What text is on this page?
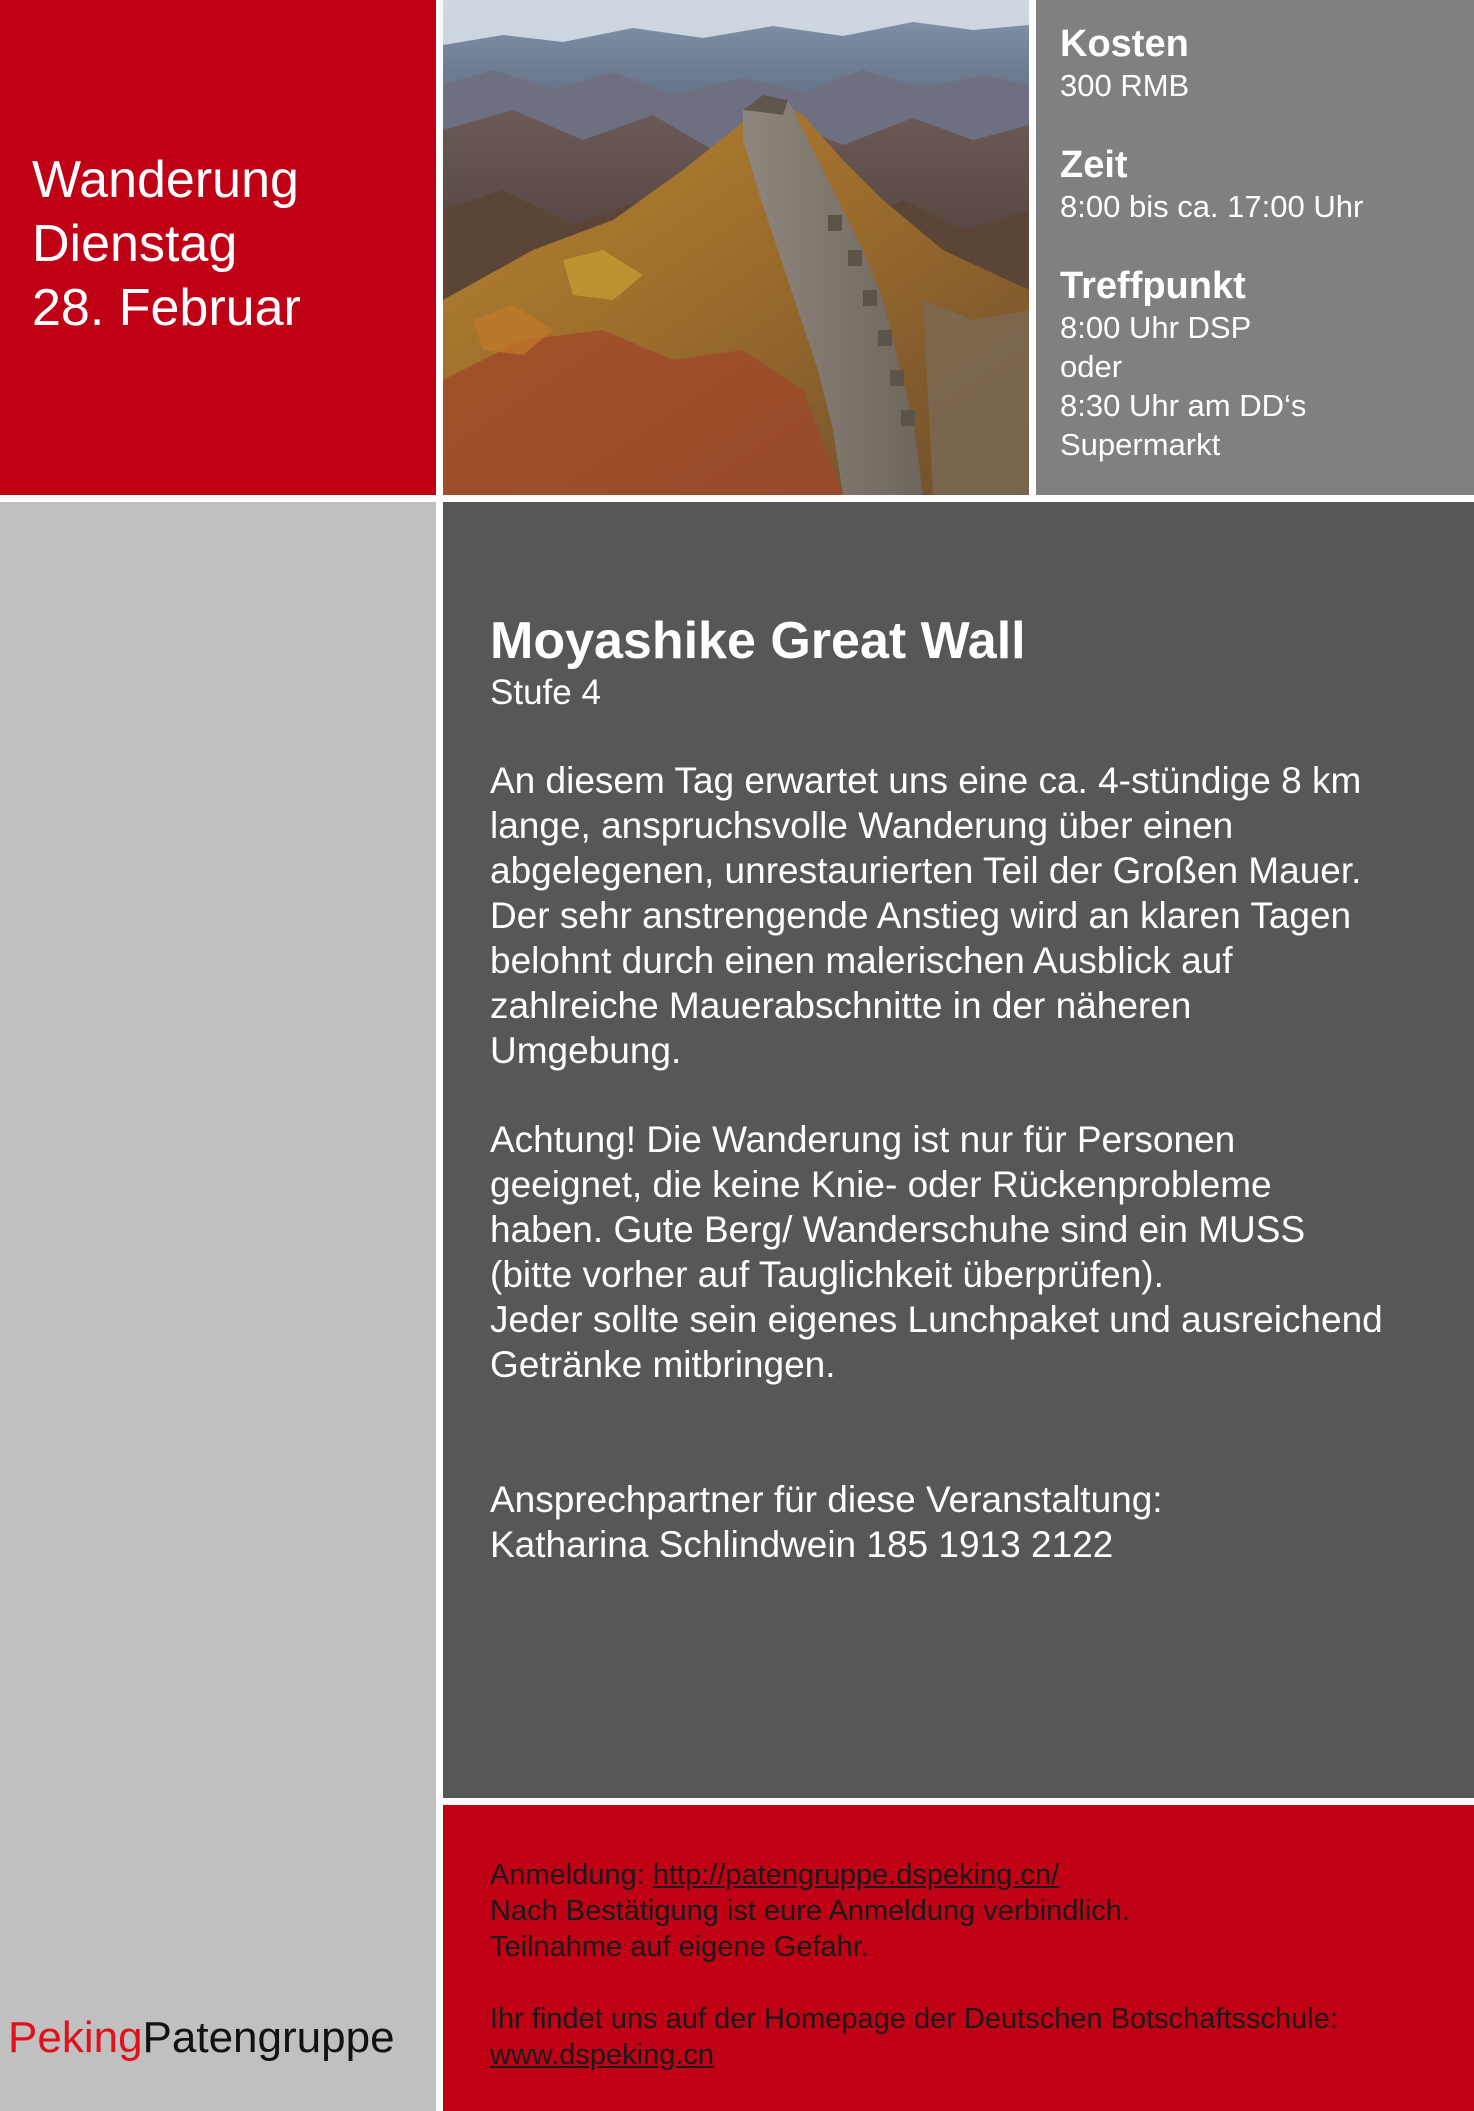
Wanderung
Dienstag
28. Februar
Kosten
300 RMB
Zeit
8:00 bis ca. 17:00 Uhr
Treffpunkt
8:00 Uhr DSP
oder
8:30 Uhr am DD‘s
Supermarkt
Moyashike Great Wall
Stufe 4
An diesem Tag erwartet uns eine ca. 4-stündige 8 km
lange, anspruchsvolle Wanderung über einen
abgelegenen, unrestaurierten Teil der Großen Mauer.
Der sehr anstrengende Anstieg wird an klaren Tagen
belohnt durch einen malerischen Ausblick auf
zahlreiche Mauerabschnitte in der näheren
Umgebung.
Achtung! Die Wanderung ist nur für Personen
geeignet, die keine Knie- oder Rückenprobleme
haben. Gute Berg/ Wanderschuhe sind ein MUSS
(bitte vorher auf Tauglichkeit überprüfen).
Jeder sollte sein eigenes Lunchpaket und ausreichend
Getränke mitbringen.
Ansprechpartner für diese Veranstaltung:
Katharina Schlindwein 185 1913 2122
Anmeldung: http://patengruppe.dspeking.cn/
Nach Bestätigung ist eure Anmeldung verbindlich.
Teilnahme auf eigene Gefahr.
Ihr findet uns auf der Homepage der Deutschen Botschaftsschule:
www.dspeking.cn
PekingPatengruppe
